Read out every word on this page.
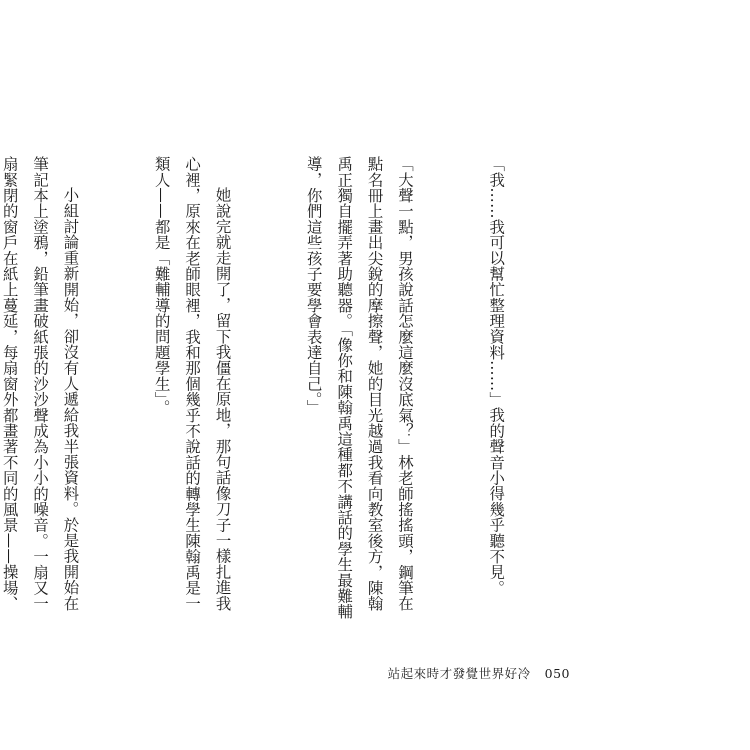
「我……我可以幫忙整理資料……」我的聲音小得幾乎聽不見。

「大聲一點，男孩說話怎麼這麼沒底氣？」林老師搖搖頭，鋼筆在點名冊上畫出尖銳的摩擦聲，她的目光越過我看向教室後方，陳翰禹正獨自擺弄著助聽器。「像你和陳翰禹這種都不講話的學生最難輔導，你們這些孩子要學會表達自己。」

她說完就走開了，留下我僵在原地，那句話像刀子一樣扎進我心裡，原來在老師眼裡，我和那個幾乎不說話的轉學生陳翰禹是一類人——都是「難輔導的問題學生」。

小組討論重新開始，卻沒有人遞給我半張資料。於是我開始在筆記本上塗鴉，鉛筆畫破紙張的沙沙聲成為小小的噪音。一扇又一扇緊閉的窗戶在紙上蔓延，每扇窗外都畫著不同的風景——操場、

站起來時才發覺世界好冷 050
